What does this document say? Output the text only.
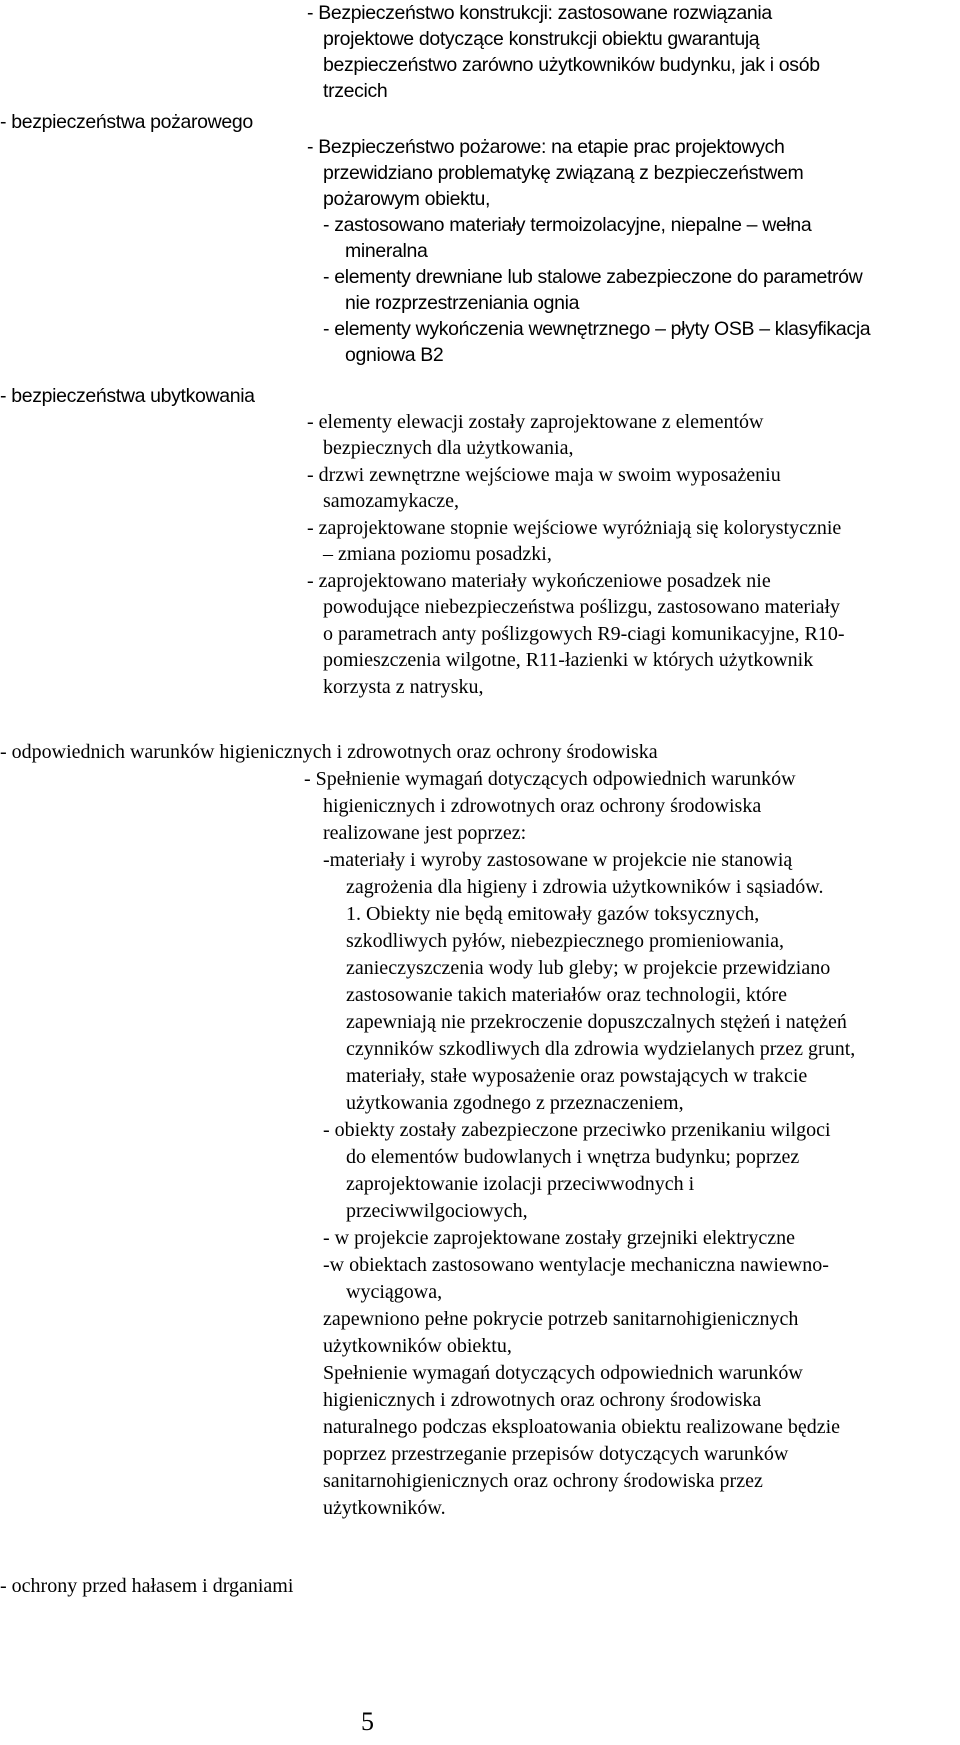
- bezpieczeństwa pożarowego

- bezpieczeństwa ubytkowania

- ochrony przed hałasem i drganiami

- Bezpieczeństwo konstrukcji: zastosowane rozwiązania

projektowe dotyczące konstrukcji obiektu gwarantują

bezpieczeństwo zarówno użytkowników budynku, jak i osób

trzecich

- Bezpieczeństwo pożarowe: na etapie prac projektowych

przewidziano problematykę związaną z bezpieczeństwem

pożarowym obiektu,

- zastosowano materiały termoizolacyjne, niepalne – wełna

mineralna

- elementy drewniane lub stalowe zabezpieczone do parametrów

nie rozprzestrzeniania ognia

- elementy wykończenia wewnętrznego – płyty OSB – klasyfikacja

ogniowa B2

- elementy elewacji zostały zaprojektowane z elementów

bezpiecznych dla użytkowania,

- drzwi zewnętrzne wejściowe maja w swoim wyposażeniu

samozamykacze,

- zaprojektowane stopnie wejściowe wyróżniają się kolorystycznie

– zmiana poziomu posadzki,

- zaprojektowano materiały wykończeniowe posadzek nie

powodujące niebezpieczeństwa poślizgu, zastosowano materiały

o parametrach anty poślizgowych R9-ciagi komunikacyjne, R10-

pomieszczenia wilgotne, R11-łazienki w których użytkownik

korzysta z natrysku,

- odpowiednich warunków higienicznych i zdrowotnych oraz ochrony środowiska

- Spełnienie wymagań dotyczących odpowiednich warunków

higienicznych i zdrowotnych oraz ochrony środowiska

realizowane jest poprzez:

-materiały i wyroby zastosowane w projekcie nie stanowią

zagrożenia dla higieny i zdrowia użytkowników i sąsiadów.

1. Obiekty nie będą emitowały gazów toksycznych,

szkodliwych pyłów, niebezpiecznego promieniowania,

zanieczyszczenia wody lub gleby; w projekcie przewidziano

zastosowanie takich materiałów oraz technologii, które

zapewniają nie przekroczenie dopuszczalnych stężeń i natężeń

czynników szkodliwych dla zdrowia wydzielanych przez grunt,

materiały, stałe wyposażenie oraz powstających w trakcie

użytkowania zgodnego z przeznaczeniem,

- obiekty zostały zabezpieczone przeciwko przenikaniu wilgoci

do elementów budowlanych i wnętrza budynku; poprzez

zaprojektowanie izolacji przeciwwodnych i

przeciwwilgociowych,

- w projekcie zaprojektowane zostały grzejniki elektryczne

-w obiektach zastosowano wentylacje mechaniczna nawiewno-

wyciągowa,

zapewniono pełne pokrycie potrzeb sanitarnohigienicznych

użytkowników obiektu,

Spełnienie wymagań dotyczących odpowiednich warunków

higienicznych i zdrowotnych oraz ochrony środowiska

naturalnego podczas eksploatowania obiektu realizowane będzie

poprzez przestrzeganie przepisów dotyczących warunków

sanitarnohigienicznych oraz ochrony środowiska przez

użytkowników.

5
